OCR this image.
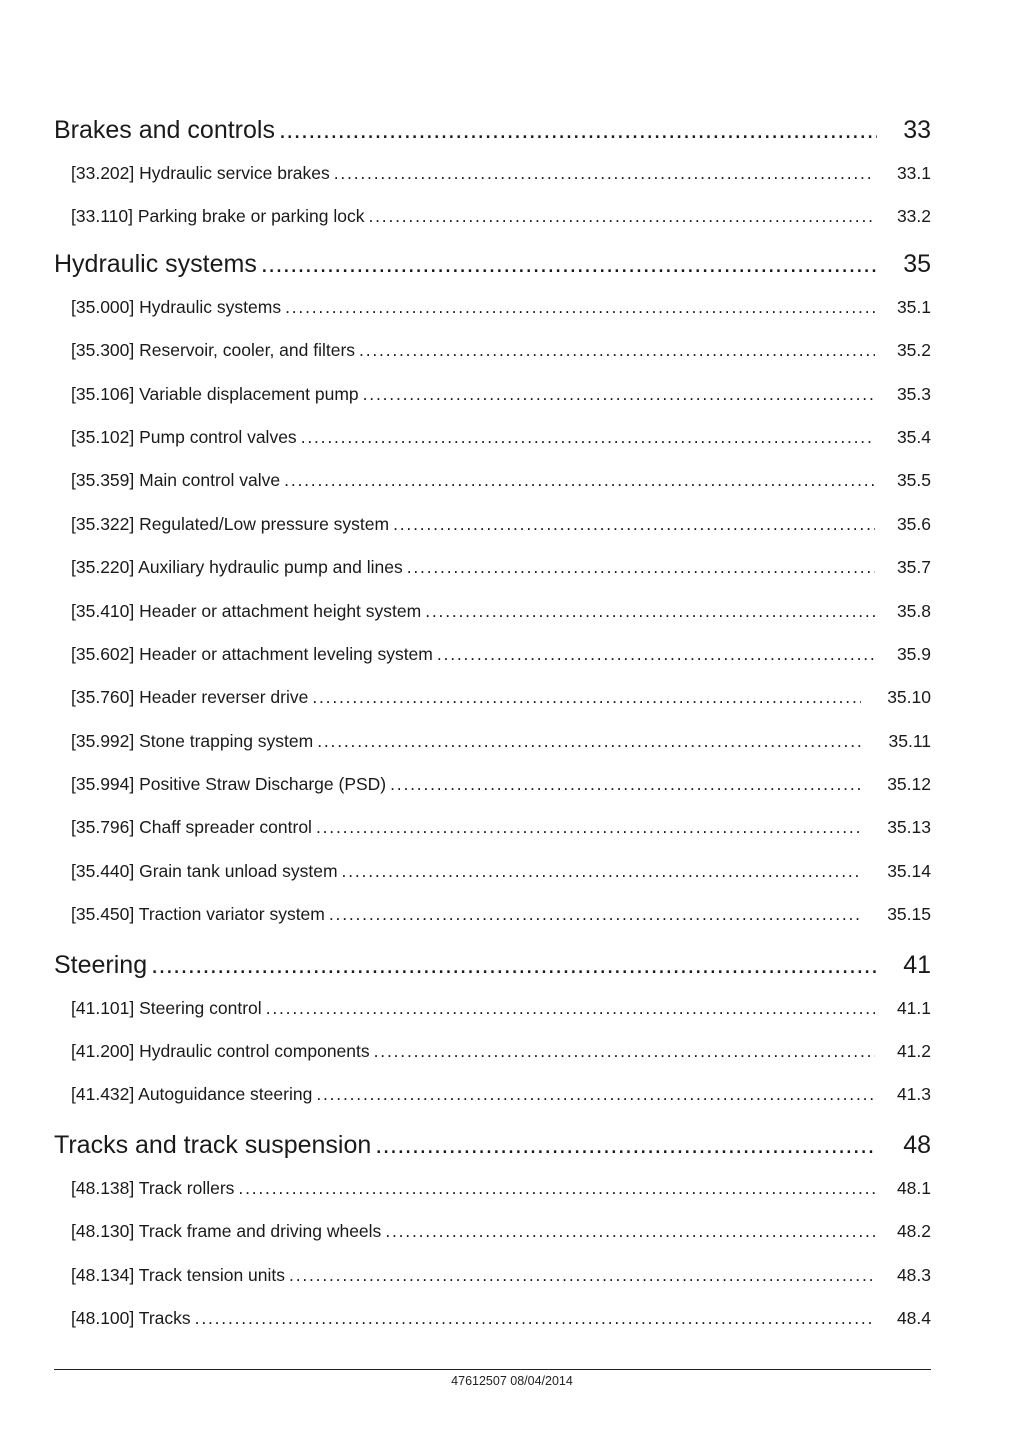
Brakes and controls .....	33
[33.202] Hydraulic service brakes .....	33.1
[33.110] Parking brake or parking lock .....	33.2
Hydraulic systems .....	35
[35.000] Hydraulic systems .....	35.1
[35.300] Reservoir, cooler, and filters .....	35.2
[35.106] Variable displacement pump .....	35.3
[35.102] Pump control valves .....	35.4
[35.359] Main control valve .....	35.5
[35.322] Regulated/Low pressure system .....	35.6
[35.220] Auxiliary hydraulic pump and lines .....	35.7
[35.410] Header or attachment height system .....	35.8
[35.602] Header or attachment leveling system .....	35.9
[35.760] Header reverser drive .....	35.10
[35.992] Stone trapping system .....	35.11
[35.994] Positive Straw Discharge (PSD) .....	35.12
[35.796] Chaff spreader control .....	35.13
[35.440] Grain tank unload system .....	35.14
[35.450] Traction variator system .....	35.15
Steering .....	41
[41.101] Steering control .....	41.1
[41.200] Hydraulic control components .....	41.2
[41.432] Autoguidance steering .....	41.3
Tracks and track suspension .....	48
[48.138] Track rollers .....	48.1
[48.130] Track frame and driving wheels .....	48.2
[48.134] Track tension units .....	48.3
[48.100] Tracks .....	48.4
47612507 08/04/2014
